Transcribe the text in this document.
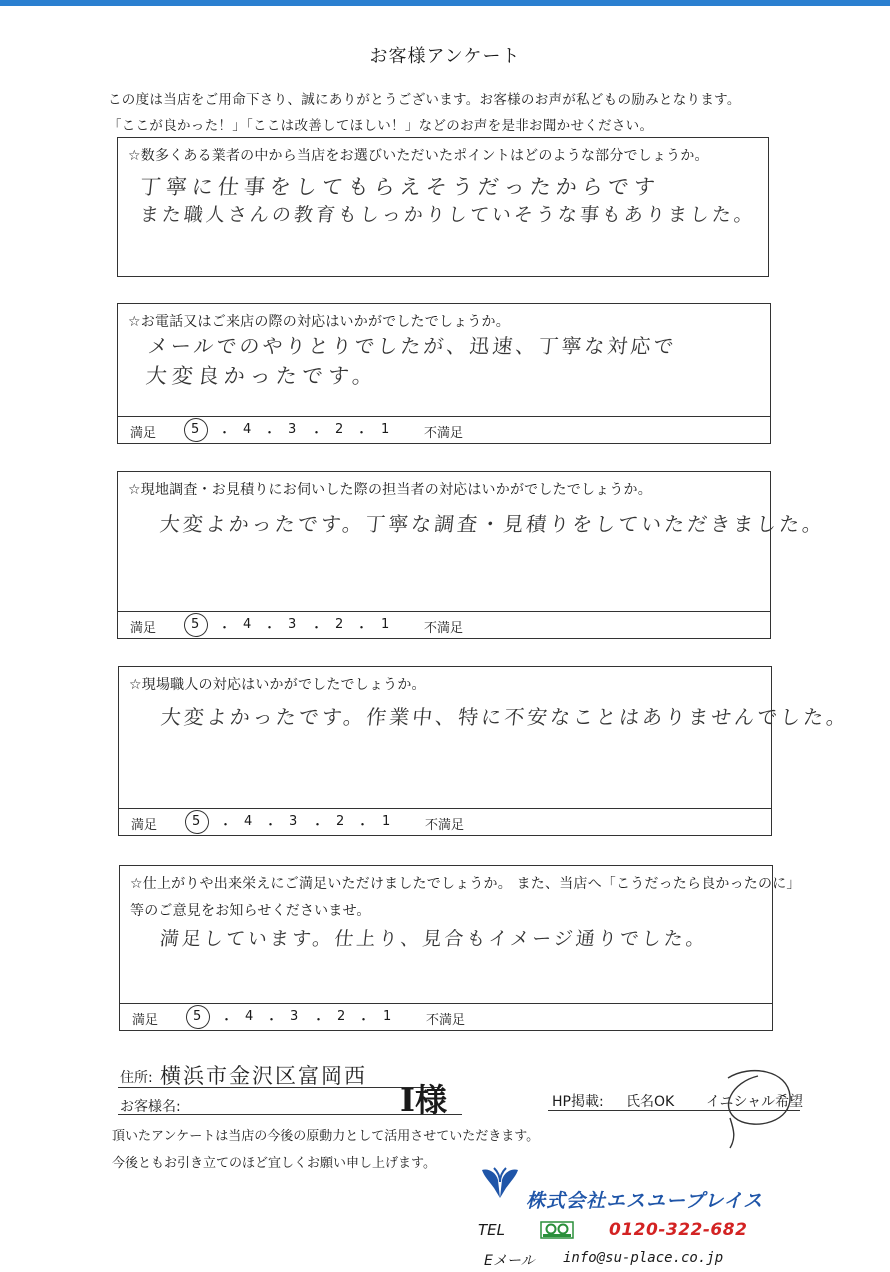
お客様アンケート
この度は当店をご用命下さり、誠にありがとうございます。お客様のお声が私どもの励みとなります。
「ここが良かった！」「ここは改善してほしい！」などのお声を是非お聞かせください。
☆数多くある業者の中から当店をお選びいただいたポイントはどのような部分でしょうか。
丁寧に仕事をしてもらえそうだったからです
また職人さんの教育もしっかりしていそうな事もありました。
☆お電話又はご来店の際の対応はいかがでしたでしょうか。
メールでのやりとりでしたが、迅速、丁寧な対応で
大変良かったです。
満足	5 ・ 4 ・ 3 ・ 2 ・ 1	不満足
☆現地調査・お見積りにお伺いした際の担当者の対応はいかがでしたでしょうか。
大変よかったです。丁寧な調査・見積りをしていただきました。
満足	5 ・ 4 ・ 3 ・ 2 ・ 1	不満足
☆現場職人の対応はいかがでしたでしょうか。
大変よかったです。作業中、特に不安なことはありませんでした。
満足	5 ・ 4 ・ 3 ・ 2 ・ 1	不満足
☆仕上がりや出来栄えにご満足いただけましたでしょうか。 また、当店へ「こうだったら良かったのに」
等のご意見をお知らせくださいませ。
満足しています。仕上り、見合もイメージ通りでした。
満足	5 ・ 4 ・ 3 ・ 2 ・ 1	不満足
住所: 横浜市金沢区富岡西
お客様名:	I様	HP掲載: 氏名OK イニシャル希望
頂いたアンケートは当店の今後の原動力として活用させていただきます。
今後ともお引き立てのほど宜しくお願い申し上げます。
株式会社エスユープレイス
TEL	0120-322-682
Eメール info@su-place.co.jp
